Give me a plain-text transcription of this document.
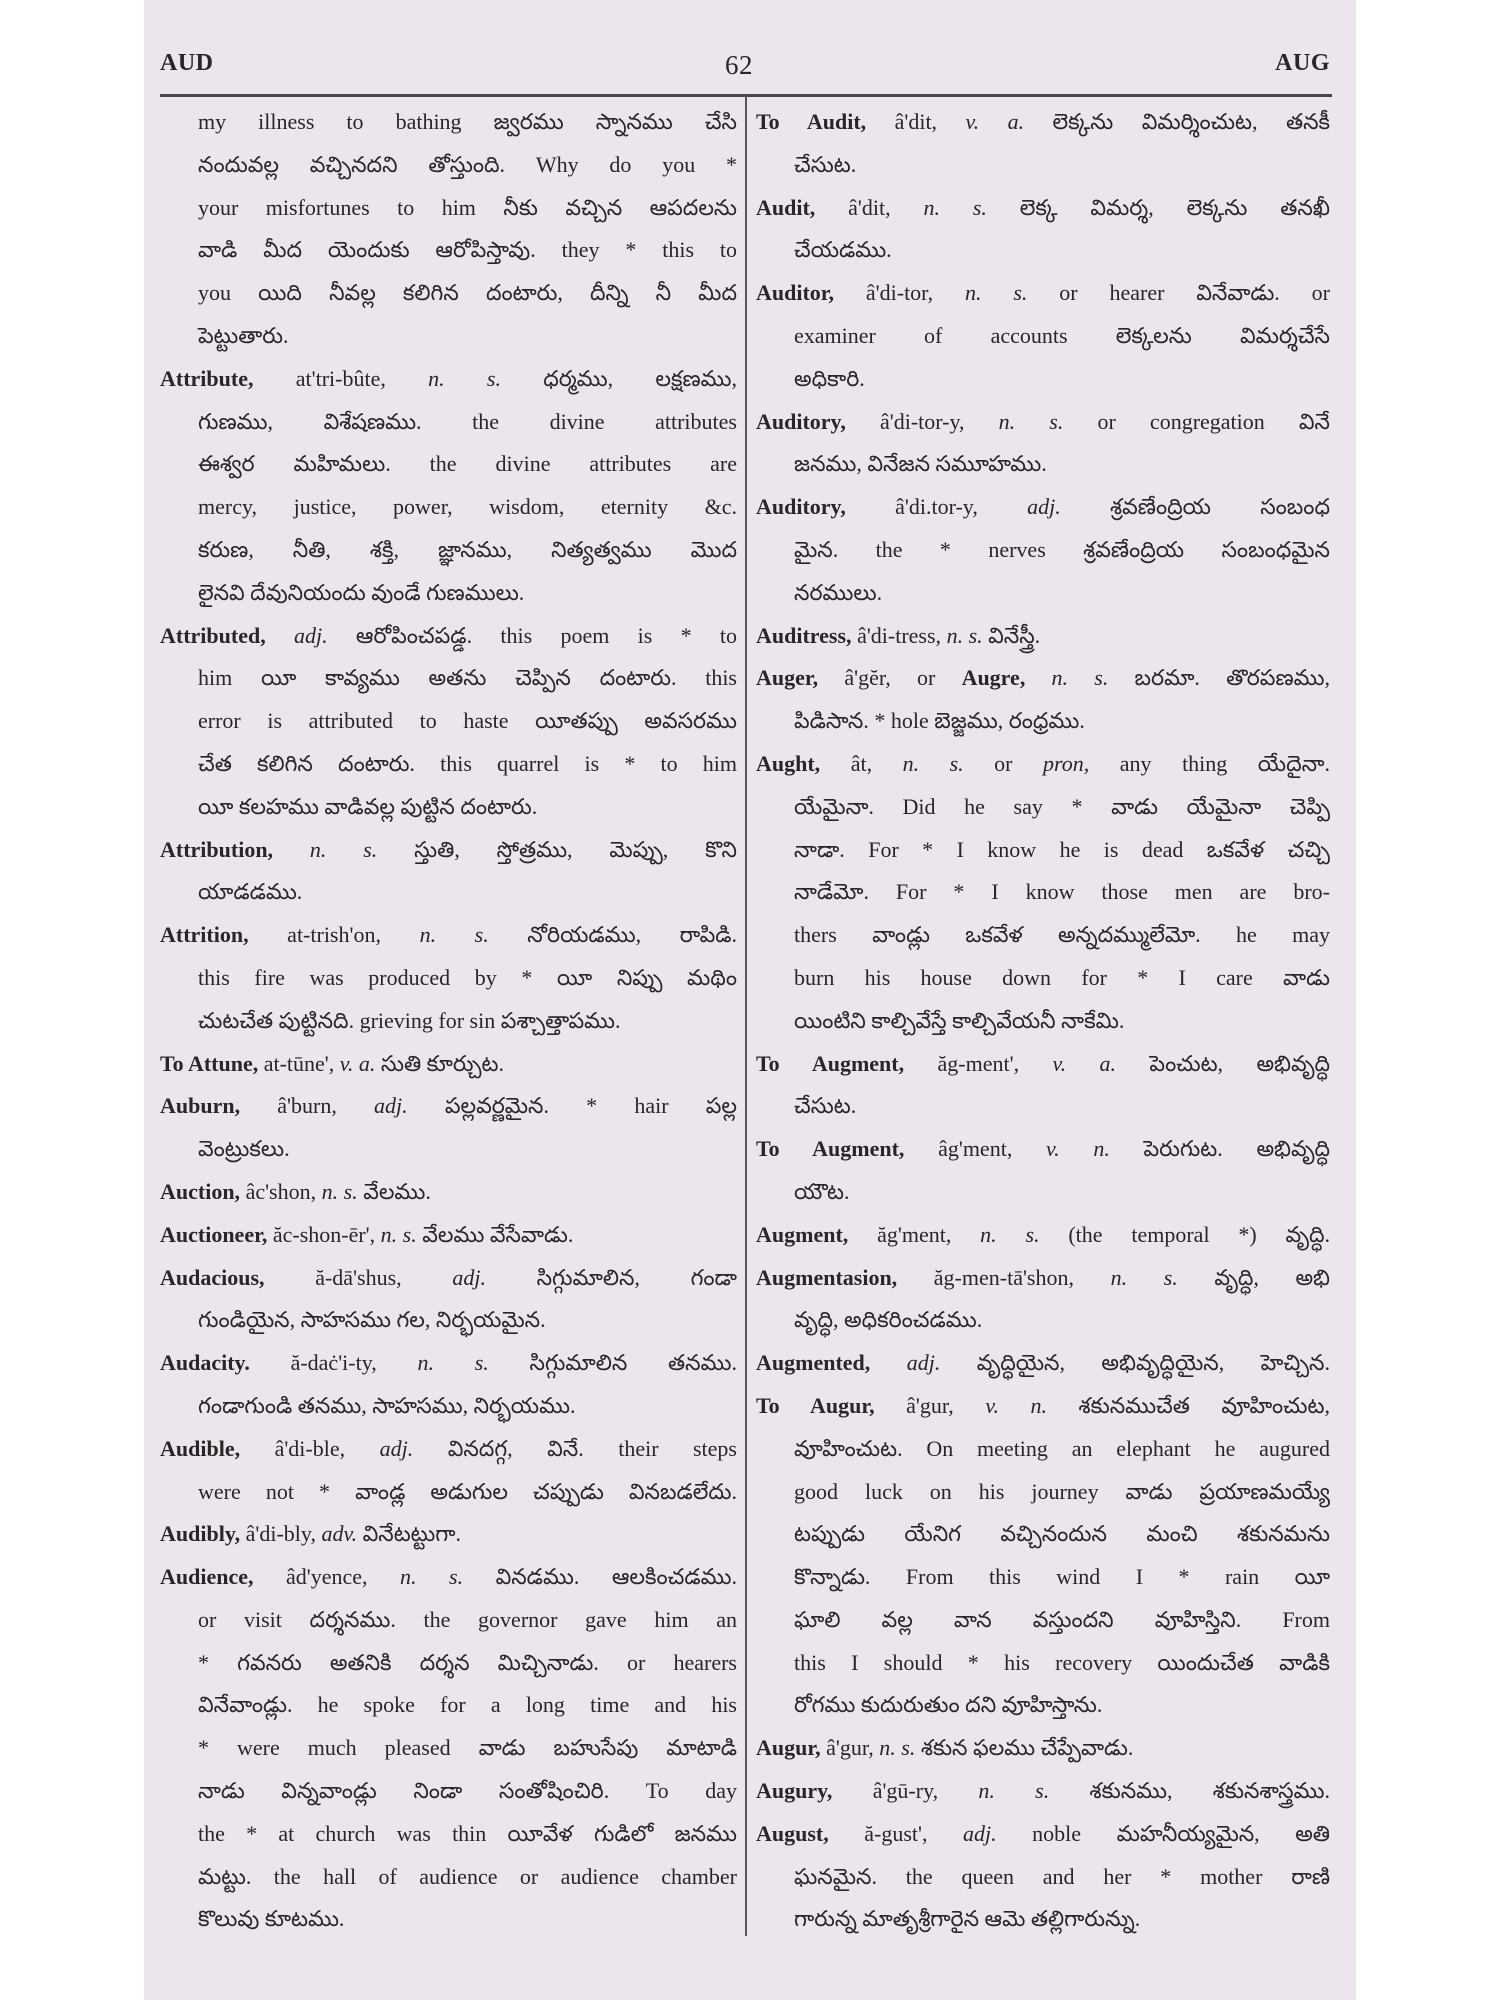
AUD	62	AUG
my illness to bathing జ్వరము స్నానము చేసి
నందువల్ల వచ్చినదని తోస్తుంది. Why do you *
your misfortunes to him నీకు వచ్చిన ఆపదలను
వాడి మీద యెందుకు ఆరోపిస్తావు. they * this to
you యిది నీవల్ల కలిగిన దంటారు, దీన్ని నీ మీద
పెట్టుతారు.
Attribute, at'tri-bûte, n. s. ధర్మము, లక్షణము,
గుణము, విశేషణము. the divine attributes
ఈశ్వర మహిమలు. the divine attributes are
mercy, justice, power, wisdom, eternity &c.
కరుణ, నీతి, శక్తి, జ్ఞానము, నిత్యత్వము మొద
లైనవి దేవునియందు వుండే గుణములు.
Attributed, adj. ఆరోపించపడ్డ. this poem is * to
him యీ కావ్యము అతను చెప్పిన దంటారు. this
error is attributed to haste యీతప్పు అవసరము
చేత కలిగిన దంటారు. this quarrel is * to him
యీ కలహము వాడివల్ల పుట్టిన దంటారు.
Attribution, n. s. స్తుతి, స్తోత్రము, మెప్పు, కొని
యాడడము.
Attrition, at-trish'on, n. s. నోరియడము, రాపిడి.
this fire was produced by * యీ నిప్పు మథిం
చుటచేత పుట్టినది. grieving for sin పశ్చాత్తాపము.
To Attune, at-tūne', v. a. సుతి కూర్చుట.
Auburn, â'burn, adj. పల్లవర్ణమైన. * hair పల్ల
వెంట్రుకలు.
Auction, âc'shon, n. s. వేలము.
Auctioneer, ăc-shon-ēr', n. s. వేలము వేసేవాడు.
Audacious, ă-dā'shus, adj. సిగ్గుమాలిన, గండా
గుండియైన, సాహసము గల, నిర్భయమైన.
Audacity. ă-daċ'i-ty, n. s. సిగ్గుమాలిన తనము.
గండాగుండి తనము, సాహసము, నిర్భయము.
Audible, â'di-ble, adj. వినదగ్గ, వినే. their steps
were not * వాండ్ల అడుగుల చప్పుడు వినబడలేదు.
Audibly, â'di-bly, adv. వినేటట్టుగా.
Audience, âd'yence, n. s. వినడము. ఆలకించడము.
or visit దర్శనము. the governor gave him an
* గవనరు అతనికి దర్శన మిచ్చినాడు. or hearers
వినేవాండ్లు. he spoke for a long time and his
* were much pleased వాడు బహుసేపు మాటాడి
నాడు విన్నవాండ్లు నిండా సంతోషించిరి. To day
the * at church was thin యీవేళ గుడిలో జనము
మట్టు. the hall of audience or audience chamber
కొలువు కూటము.
To Audit, â'dit, v. a. లెక్కను విమర్శించుట, తనకీ
చేసుట.
Audit, â'dit, n. s. లెక్క విమర్శ, లెక్కను తనఖీ
చేయడము.
Auditor, â'di-tor, n. s. or hearer వినేవాడు. or
examiner of accounts లెక్కలను విమర్శచేసే
అధికారి.
Auditory, â'di-tor-y, n. s. or congregation వినే
జనము, వినేజన సమూహము.
Auditory, â'di.tor-y, adj. శ్రవణేంద్రియ సంబంధ
మైన. the * nerves శ్రవణేంద్రియ సంబంధమైన
నరములు.
Auditress, â'di-tress, n. s. వినేస్త్రీ.
Auger, â'gĕr, or Augre, n. s. బరమా. తొరపణము,
పిడిసాన. * hole బెజ్జము, రంధ్రము.
Aught, ât, n. s. or pron, any thing యేదైనా.
యేమైనా. Did he say * వాడు యేమైనా చెప్పి
నాడా. For * I know he is dead ఒకవేళ చచ్చి
నాడేమో. For * I know those men are bro-
thers వాండ్లు ఒకవేళ అన్నదమ్ములేమో. he may
burn his house down for * I care వాడు
యింటిని కాల్చివేస్తే కాల్చివేయనీ నాకేమి.
To Augment, ăg-ment', v. a. పెంచుట, అభివృద్ధి
చేసుట.
To Augment, âg'ment, v. n. పెరుగుట. అభివృద్ధి
యౌట.
Augment, ăg'ment, n. s. (the temporal *) వృద్ధి.
Augmentasion, ăg-men-tā'shon, n. s. వృద్ధి, అభి
వృద్ధి, అధికరించడము.
Augmented, adj. వృద్ధియైన, అభివృద్ధియైన, హెచ్చిన.
To Augur, â'gur, v. n. శకునముచేత వూహించుట,
వూహించుట. On meeting an elephant he augured
good luck on his journey వాడు ప్రయాణమయ్యే
టప్పుడు యేనిగ వచ్చినందున మంచి శకునమను
కొన్నాడు. From this wind I * rain యీ
ఘాలి వల్ల వాన వస్తుందని వూహిస్తిని. From
this I should * his recovery యిందుచేత వాడికి
రోగము కుదురుతుం దని వూహిస్తాను.
Augur, â'gur, n. s. శకున ఫలము చేప్పేవాడు.
Augury, â'gū-ry, n. s. శకునము, శకునశాస్త్రము.
August, ă-gust', adj. noble మహనీయ్యమైన, అతి
ఘనమైన. the queen and her * mother రాణి
గారున్న మాతృశ్రీగారైన ఆమె తల్లిగారున్ను.
